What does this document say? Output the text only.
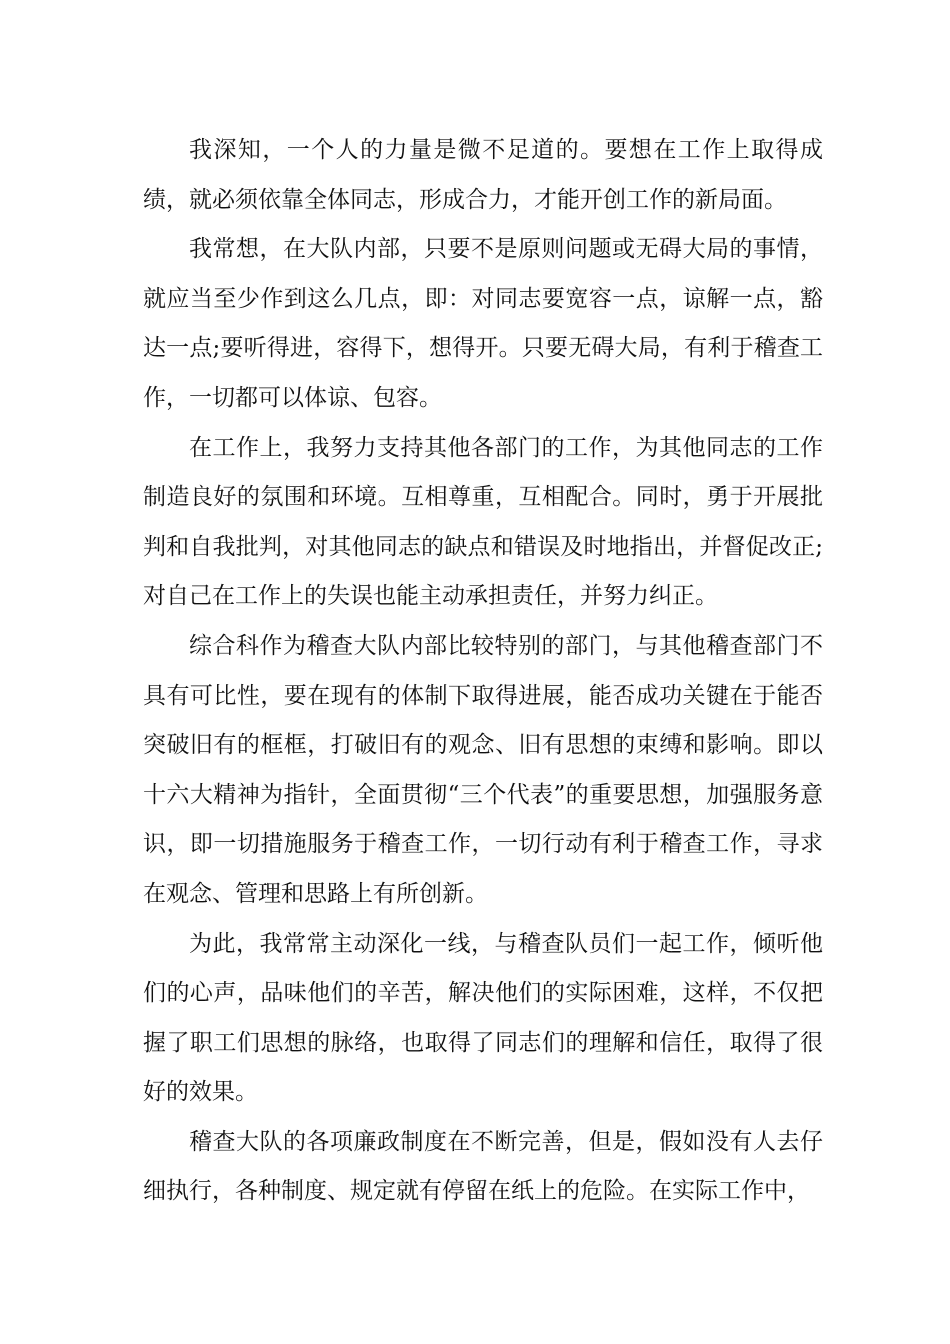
我深知，一个人的力量是微不足道的。要想在工作上取得成绩，就必须依靠全体同志，形成合力，才能开创工作的新局面。

我常想，在大队内部，只要不是原则问题或无碍大局的事情，就应当至少作到这么几点，即：对同志要宽容一点，谅解一点，豁达一点;要听得进，容得下，想得开。只要无碍大局，有利于稽查工作，一切都可以体谅、包容。

在工作上，我努力支持其他各部门的工作，为其他同志的工作制造良好的氛围和环境。互相尊重，互相配合。同时，勇于开展批判和自我批判，对其他同志的缺点和错误及时地指出，并督促改正;对自己在工作上的失误也能主动承担责任，并努力纠正。

综合科作为稽查大队内部比较特别的部门，与其他稽查部门不具有可比性，要在现有的体制下取得进展，能否成功关键在于能否突破旧有的框框，打破旧有的观念、旧有思想的束缚和影响。即以十六大精神为指针，全面贯彻“三个代表”的重要思想，加强服务意识，即一切措施服务于稽查工作，一切行动有利于稽查工作，寻求在观念、管理和思路上有所创新。

为此，我常常主动深化一线，与稽查队员们一起工作，倾听他们的心声，品味他们的辛苦，解决他们的实际困难，这样，不仅把握了职工们思想的脉络，也取得了同志们的理解和信任，取得了很好的效果。

稽查大队的各项廉政制度在不断完善，但是，假如没有人去仔细执行，各种制度、规定就有停留在纸上的危险。在实际工作中，
